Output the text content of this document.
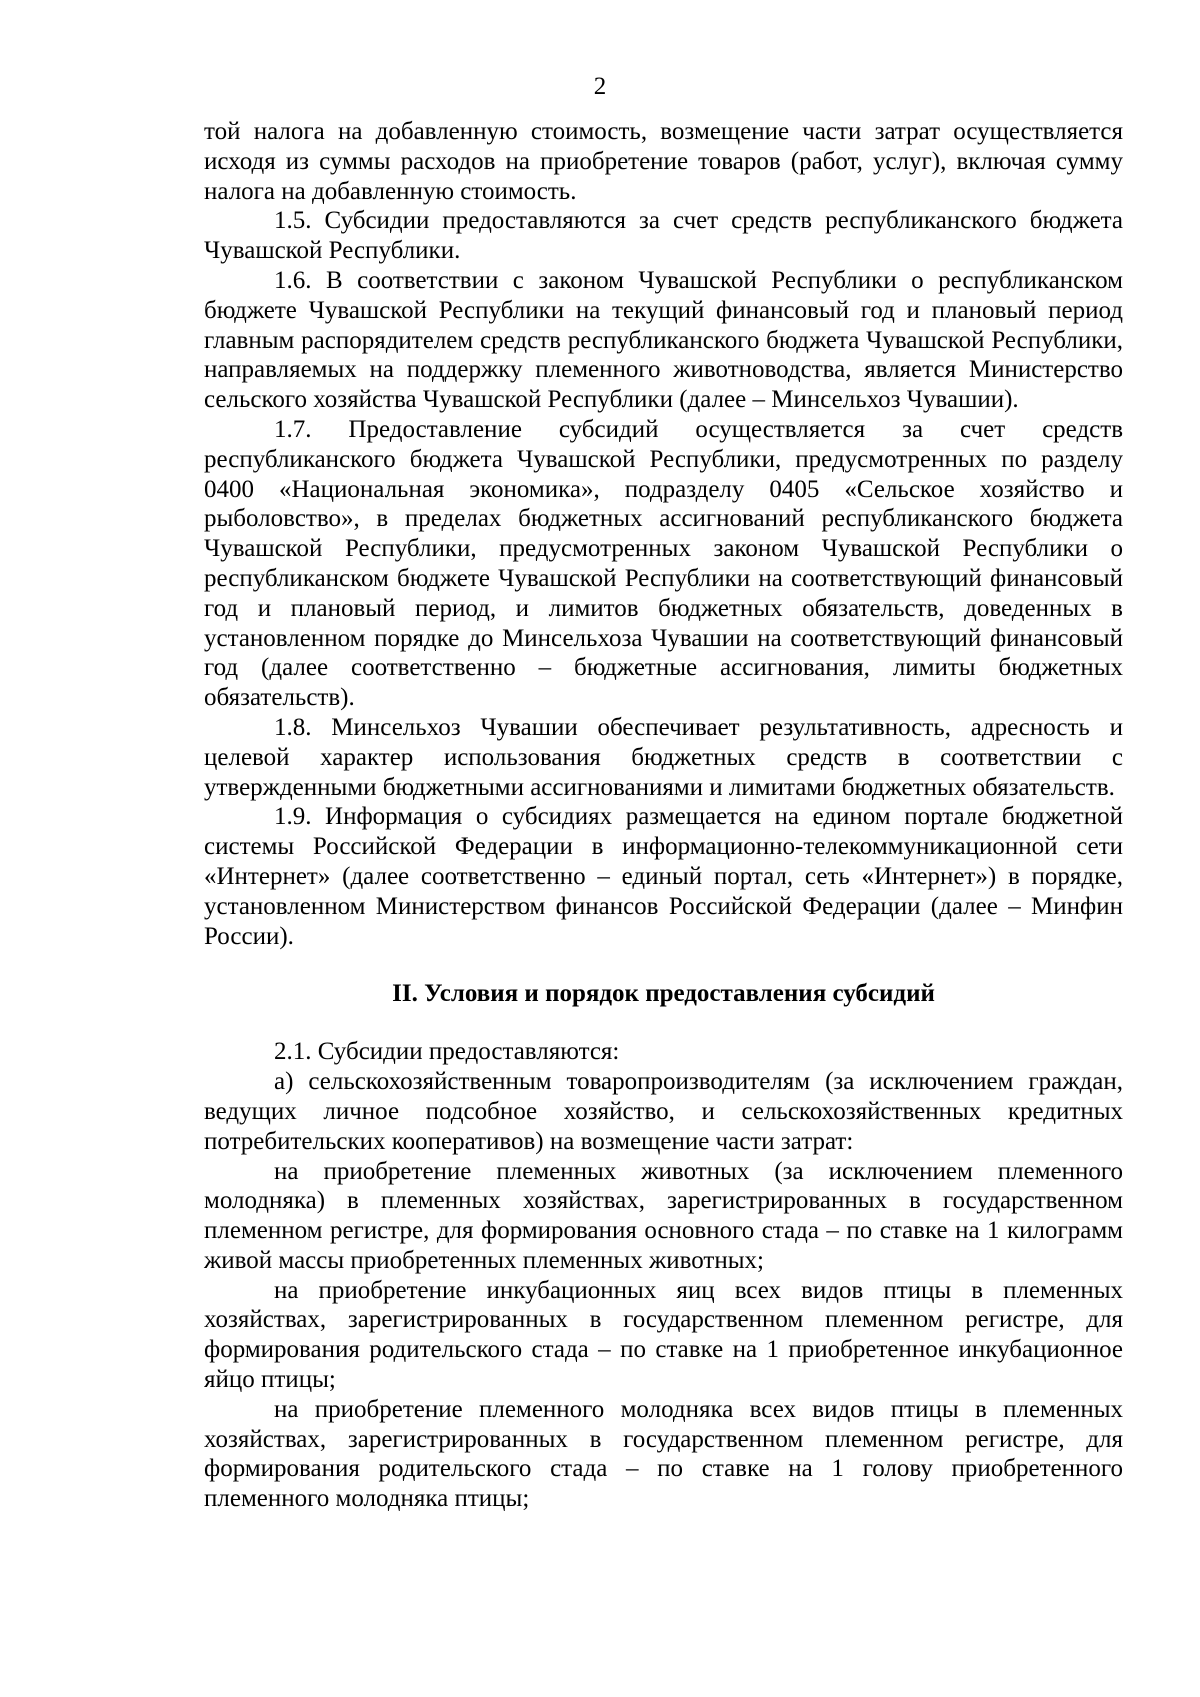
2

той налога на добавленную стоимость, возмещение части затрат осуществляется исходя из суммы расходов на приобретение товаров (работ, услуг), включая сумму налога на добавленную стоимость.

1.5. Субсидии предоставляются за счет средств республиканского бюджета Чувашской Республики.

1.6. В соответствии с законом Чувашской Республики о республиканском бюджете Чувашской Республики на текущий финансовый год и плановый период главным распорядителем средств республиканского бюджета Чувашской Республики, направляемых на поддержку племенного животноводства, является Министерство сельского хозяйства Чувашской Республики (далее – Минсельхоз Чувашии).

1.7. Предоставление субсидий осуществляется за счет средств республиканского бюджета Чувашской Республики, предусмотренных по разделу 0400 «Национальная экономика», подразделу 0405 «Сельское хозяйство и рыболовство», в пределах бюджетных ассигнований республиканского бюджета Чувашской Республики, предусмотренных законом Чувашской Республики о республиканском бюджете Чувашской Республики на соответствующий финансовый год и плановый период, и лимитов бюджетных обязательств, доведенных в установленном порядке до Минсельхоза Чувашии на соответствующий финансовый год (далее соответственно – бюджетные ассигнования, лимиты бюджетных обязательств).

1.8. Минсельхоз Чувашии обеспечивает результативность, адресность и целевой характер использования бюджетных средств в соответствии с утвержденными бюджетными ассигнованиями и лимитами бюджетных обязательств.

1.9. Информация о субсидиях размещается на едином портале бюджетной системы Российской Федерации в информационно-телекоммуникационной сети «Интернет» (далее соответственно – единый портал, сеть «Интернет») в порядке, установленном Министерством финансов Российской Федерации (далее – Минфин России).

II. Условия и порядок предоставления субсидий

2.1. Субсидии предоставляются:

а) сельскохозяйственным товаропроизводителям (за исключением граждан, ведущих личное подсобное хозяйство, и сельскохозяйственных кредитных потребительских кооперативов) на возмещение части затрат:

на приобретение племенных животных (за исключением племенного молодняка) в племенных хозяйствах, зарегистрированных в государственном племенном регистре, для формирования основного стада – по ставке на 1 килограмм живой массы приобретенных племенных животных;

на приобретение инкубационных яиц всех видов птицы в племенных хозяйствах, зарегистрированных в государственном племенном регистре, для формирования родительского стада – по ставке на 1 приобретенное инкубационное яйцо птицы;

на приобретение племенного молодняка всех видов птицы в племенных хозяйствах, зарегистрированных в государственном племенном регистре, для формирования родительского стада – по ставке на 1 голову приобретенного племенного молодняка птицы;
